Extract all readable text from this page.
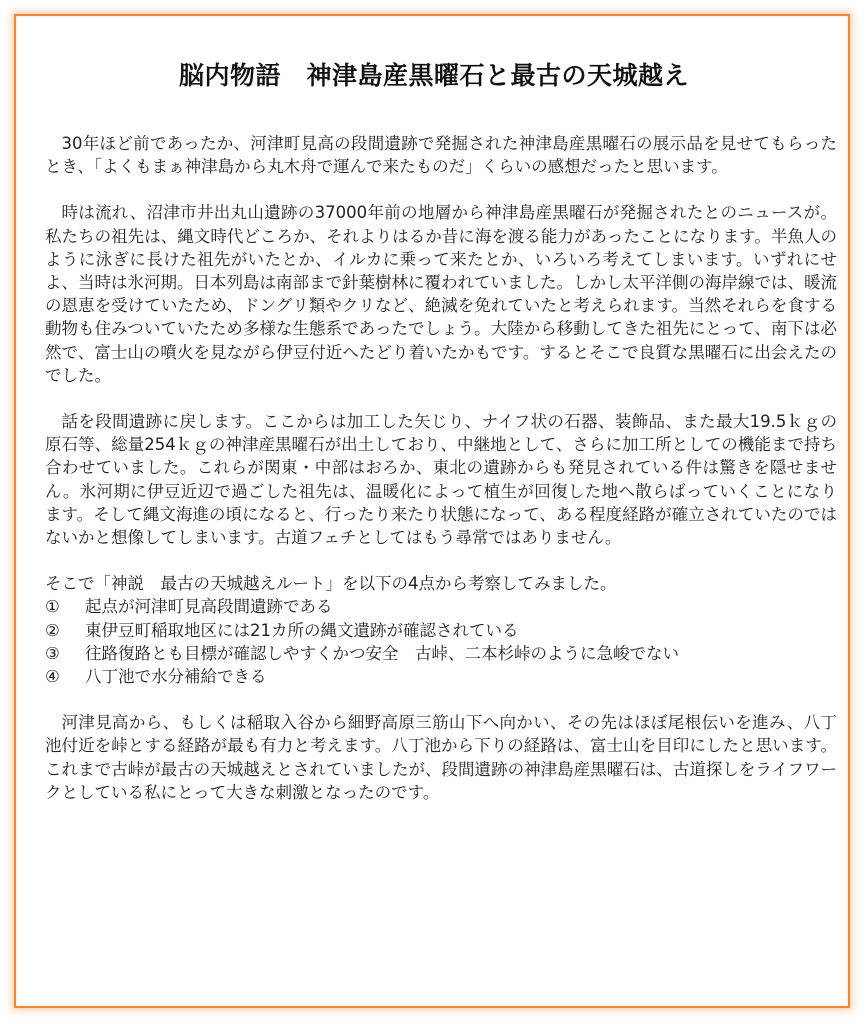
脳内物語　神津島産黒曜石と最古の天城越え

30年ほど前であったか、河津町見高の段間遺跡で発掘された神津島産黒曜石の展示品を見せてもらったとき、「よくもまぁ神津島から丸木舟で運んで来たものだ」くらいの感想だったと思います。

時は流れ、沼津市井出丸山遺跡の37000年前の地層から神津島産黒曜石が発掘されたとのニュースが。私たちの祖先は、縄文時代どころか、それよりはるか昔に海を渡る能力があったことになります。半魚人のように泳ぎに長けた祖先がいたとか、イルカに乗って来たとか、いろいろ考えてしまいます。いずれにせよ、当時は氷河期。日本列島は南部まで針葉樹林に覆われていました。しかし太平洋側の海岸線では、暖流の恩恵を受けていたため、ドングリ類やクリなど、絶滅を免れていたと考えられます。当然それらを食する動物も住みついていたため多様な生態系であったでしょう。大陸から移動してきた祖先にとって、南下は必然で、富士山の噴火を見ながら伊豆付近へたどり着いたかもです。するとそこで良質な黒曜石に出会えたのでした。

話を段間遺跡に戻します。ここからは加工した矢じり、ナイフ状の石器、装飾品、また最大19.5ｋｇの原石等、総量254ｋｇの神津産黒曜石が出土しており、中継地として、さらに加工所としての機能まで持ち合わせていました。これらが関東・中部はおろか、東北の遺跡からも発見されている件は驚きを隠せません。氷河期に伊豆近辺で過ごした祖先は、温暖化によって植生が回復した地へ散らばっていくことになります。そして縄文海進の頃になると、行ったり来たり状態になって、ある程度経路が確立されていたのではないかと想像してしまいます。古道フェチとしてはもう尋常ではありません。

そこで「神説　最古の天城越えルート」を以下の4点から考察してみました。

①	起点が河津町見高段間遺跡である
②	東伊豆町稲取地区には21カ所の縄文遺跡が確認されている
③	往路復路とも目標が確認しやすくかつ安全　古峠、二本杉峠のように急峻でない
④	八丁池で水分補給できる

河津見高から、もしくは稲取入谷から細野高原三筋山下へ向かい、その先はほぼ尾根伝いを進み、八丁池付近を峠とする経路が最も有力と考えます。八丁池から下りの経路は、富士山を目印にしたと思います。これまで古峠が最古の天城越えとされていましたが、段間遺跡の神津島産黒曜石は、古道探しをライフワークとしている私にとって大きな刺激となったのです。
